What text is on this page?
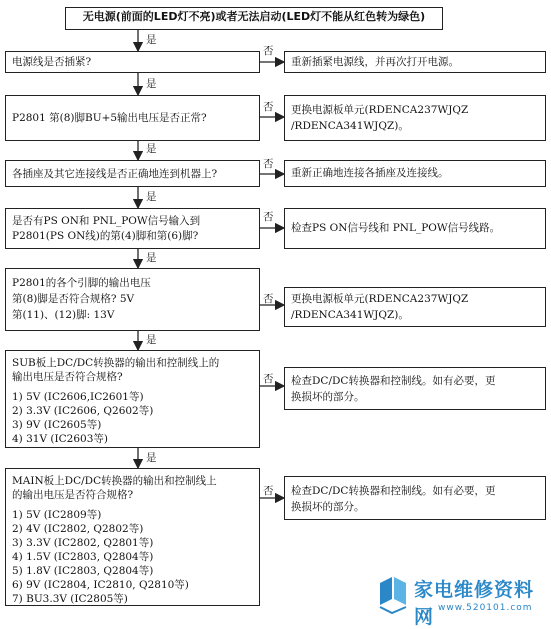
无电源(前面的LED灯不亮)或者无法启动(LED灯不能从红色转为绿色)
是
是
是
是
是
是
是
否
否
否
否
否
否
否
电源线是否插紧?	重新插紧电源线，并再次打开电源。
P2801 第(8)脚BU+5输出电压是否正常?
更换电源板单元(RDENCA237WJQZ
/RDENCA341WJQZ)。
各插座及其它连接线是否正确地连到机器上?	重新正确地连接各插座及连接线。
是否有PS ON和 PNL_POW信号输入到
P2801(PS ON线)的第(4)脚和第(6)脚?
检查PS ON信号线和 PNL_POW信号线路。
P2801的各个引脚的输出电压
第(8)脚是否符合规格? 5V
第(11)、(12)脚: 13V
更换电源板单元(RDENCA237WJQZ
/RDENCA341WJQZ)。
SUB板上DC/DC转换器的输出和控制线上的
输出电压是否符合规格?
1) 5V (IC2606,IC2601等)
2) 3.3V (IC2606, Q2602等)
3) 9V (IC2605等)
4) 31V (IC2603等)
检查DC/DC转换器和控制线。如有必要，更
换损坏的部分。
MAIN板上DC/DC转换器的输出和控制线上
的输出电压是否符合规格?
1) 5V (IC2809等)
2) 4V (IC2802, Q2802等)
3) 3.3V (IC2802, Q2801等)
4) 1.5V (IC2803, Q2804等)
5) 1.8V (IC2803, Q2804等)
6) 9V (IC2804, IC2810, Q2810等)
7) BU3.3V (IC2805等)
检查DC/DC转换器和控制线。如有必要，更
换损坏的部分。
家电维修资料网 www.520101.com
